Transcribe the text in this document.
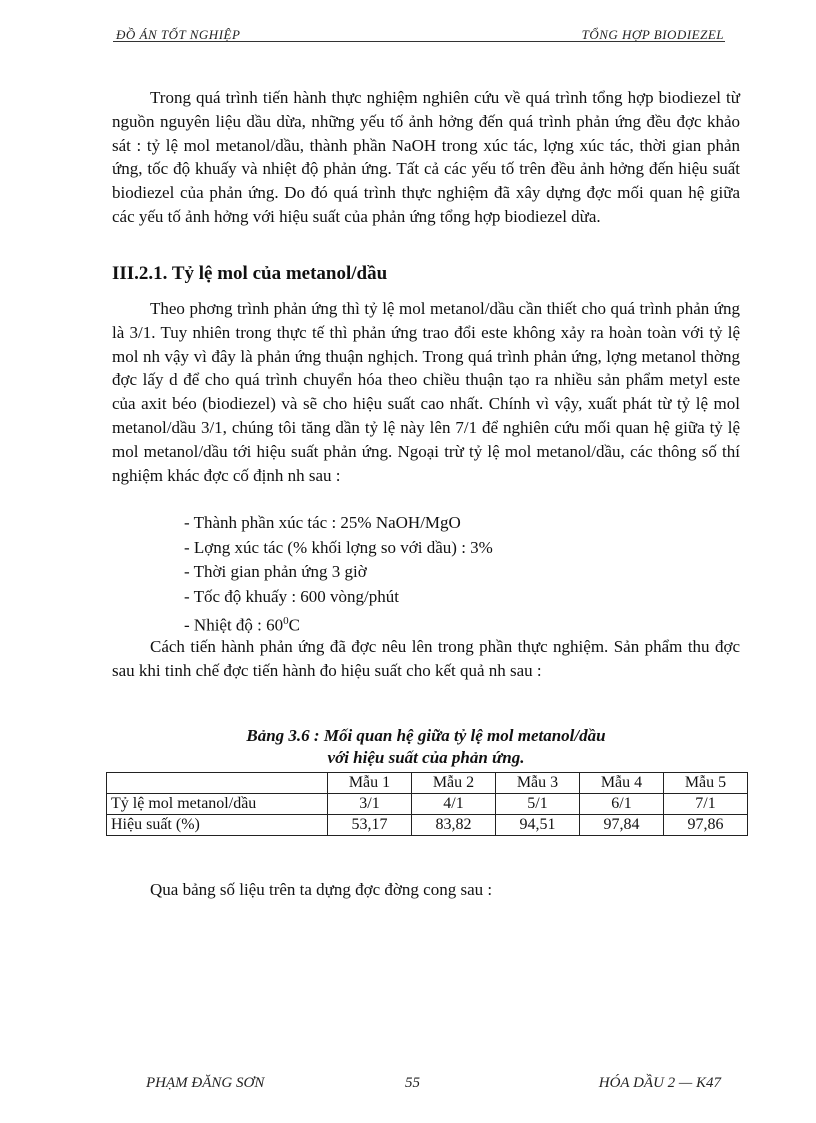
ĐỒ ÁN TỐT NGHIỆP	TỔNG HỢP BIODIEZEL

Trong quá trình tiến hành thực nghiệm nghiên cứu về quá trình tổng hợp biodiezel từ nguồn nguyên liệu dầu dừa, những yếu tố ảnh hởng đến quá trình phản ứng đều đợc khảo sát : tỷ lệ mol metanol/dầu, thành phần NaOH trong xúc tác, lợng xúc tác, thời gian phản ứng, tốc độ khuấy và nhiệt độ phản ứng. Tất cả các yếu tố trên đều ảnh hởng đến hiệu suất biodiezel của phản ứng. Do đó quá trình thực nghiệm đã xây dựng đợc mối quan hệ giữa các yếu tố ảnh hởng với hiệu suất của phản ứng tổng hợp biodiezel dừa.

III.2.1. Tỷ lệ mol của metanol/dầu

Theo phơng trình phản ứng thì tỷ lệ mol metanol/dầu cần thiết cho quá trình phản ứng là 3/1. Tuy nhiên trong thực tế thì phản ứng trao đổi este không xảy ra hoàn toàn với tỷ lệ mol nh vậy vì đây là phản ứng thuận nghịch. Trong quá trình phản ứng, lợng metanol thờng đợc lấy d để cho quá trình chuyển hóa theo chiều thuận tạo ra nhiều sản phẩm metyl este của axit béo (biodiezel) và sẽ cho hiệu suất cao nhất. Chính vì vậy, xuất phát từ tỷ lệ mol metanol/dầu 3/1, chúng tôi tăng dần tỷ lệ này lên 7/1 để nghiên cứu mối quan hệ giữa tỷ lệ mol metanol/dầu tới hiệu suất phản ứng. Ngoại trừ tỷ lệ mol metanol/dầu, các thông số thí nghiệm khác đợc cố định nh sau :

- Thành phần xúc tác : 25% NaOH/MgO
- Lợng xúc tác (% khối lợng so với dầu) : 3%
- Thời gian phản ứng 3 giờ
- Tốc độ khuấy : 600 vòng/phút
- Nhiệt độ : $60^0C$

Cách tiến hành phản ứng đã đợc nêu lên trong phần thực nghiệm. Sản phẩm thu đợc sau khi tinh chế đợc tiến hành đo hiệu suất cho kết quả nh sau :

Bảng 3.6 : Mối quan hệ giữa tỷ lệ mol metanol/dầu
với hiệu suất của phản ứng.
	Mẫu 1	Mẫu 2	Mẫu 3	Mẫu 4	Mẫu 5
Tỷ lệ mol metanol/dầu	3/1	4/1	5/1	6/1	7/1
Hiệu suất (%)	53,17	83,82	94,51	97,84	97,86
Qua bảng số liệu trên ta dựng đợc đờng cong sau :
PHẠM ĐĂNG SƠN	55	HÓA DẦU 2 — K47
